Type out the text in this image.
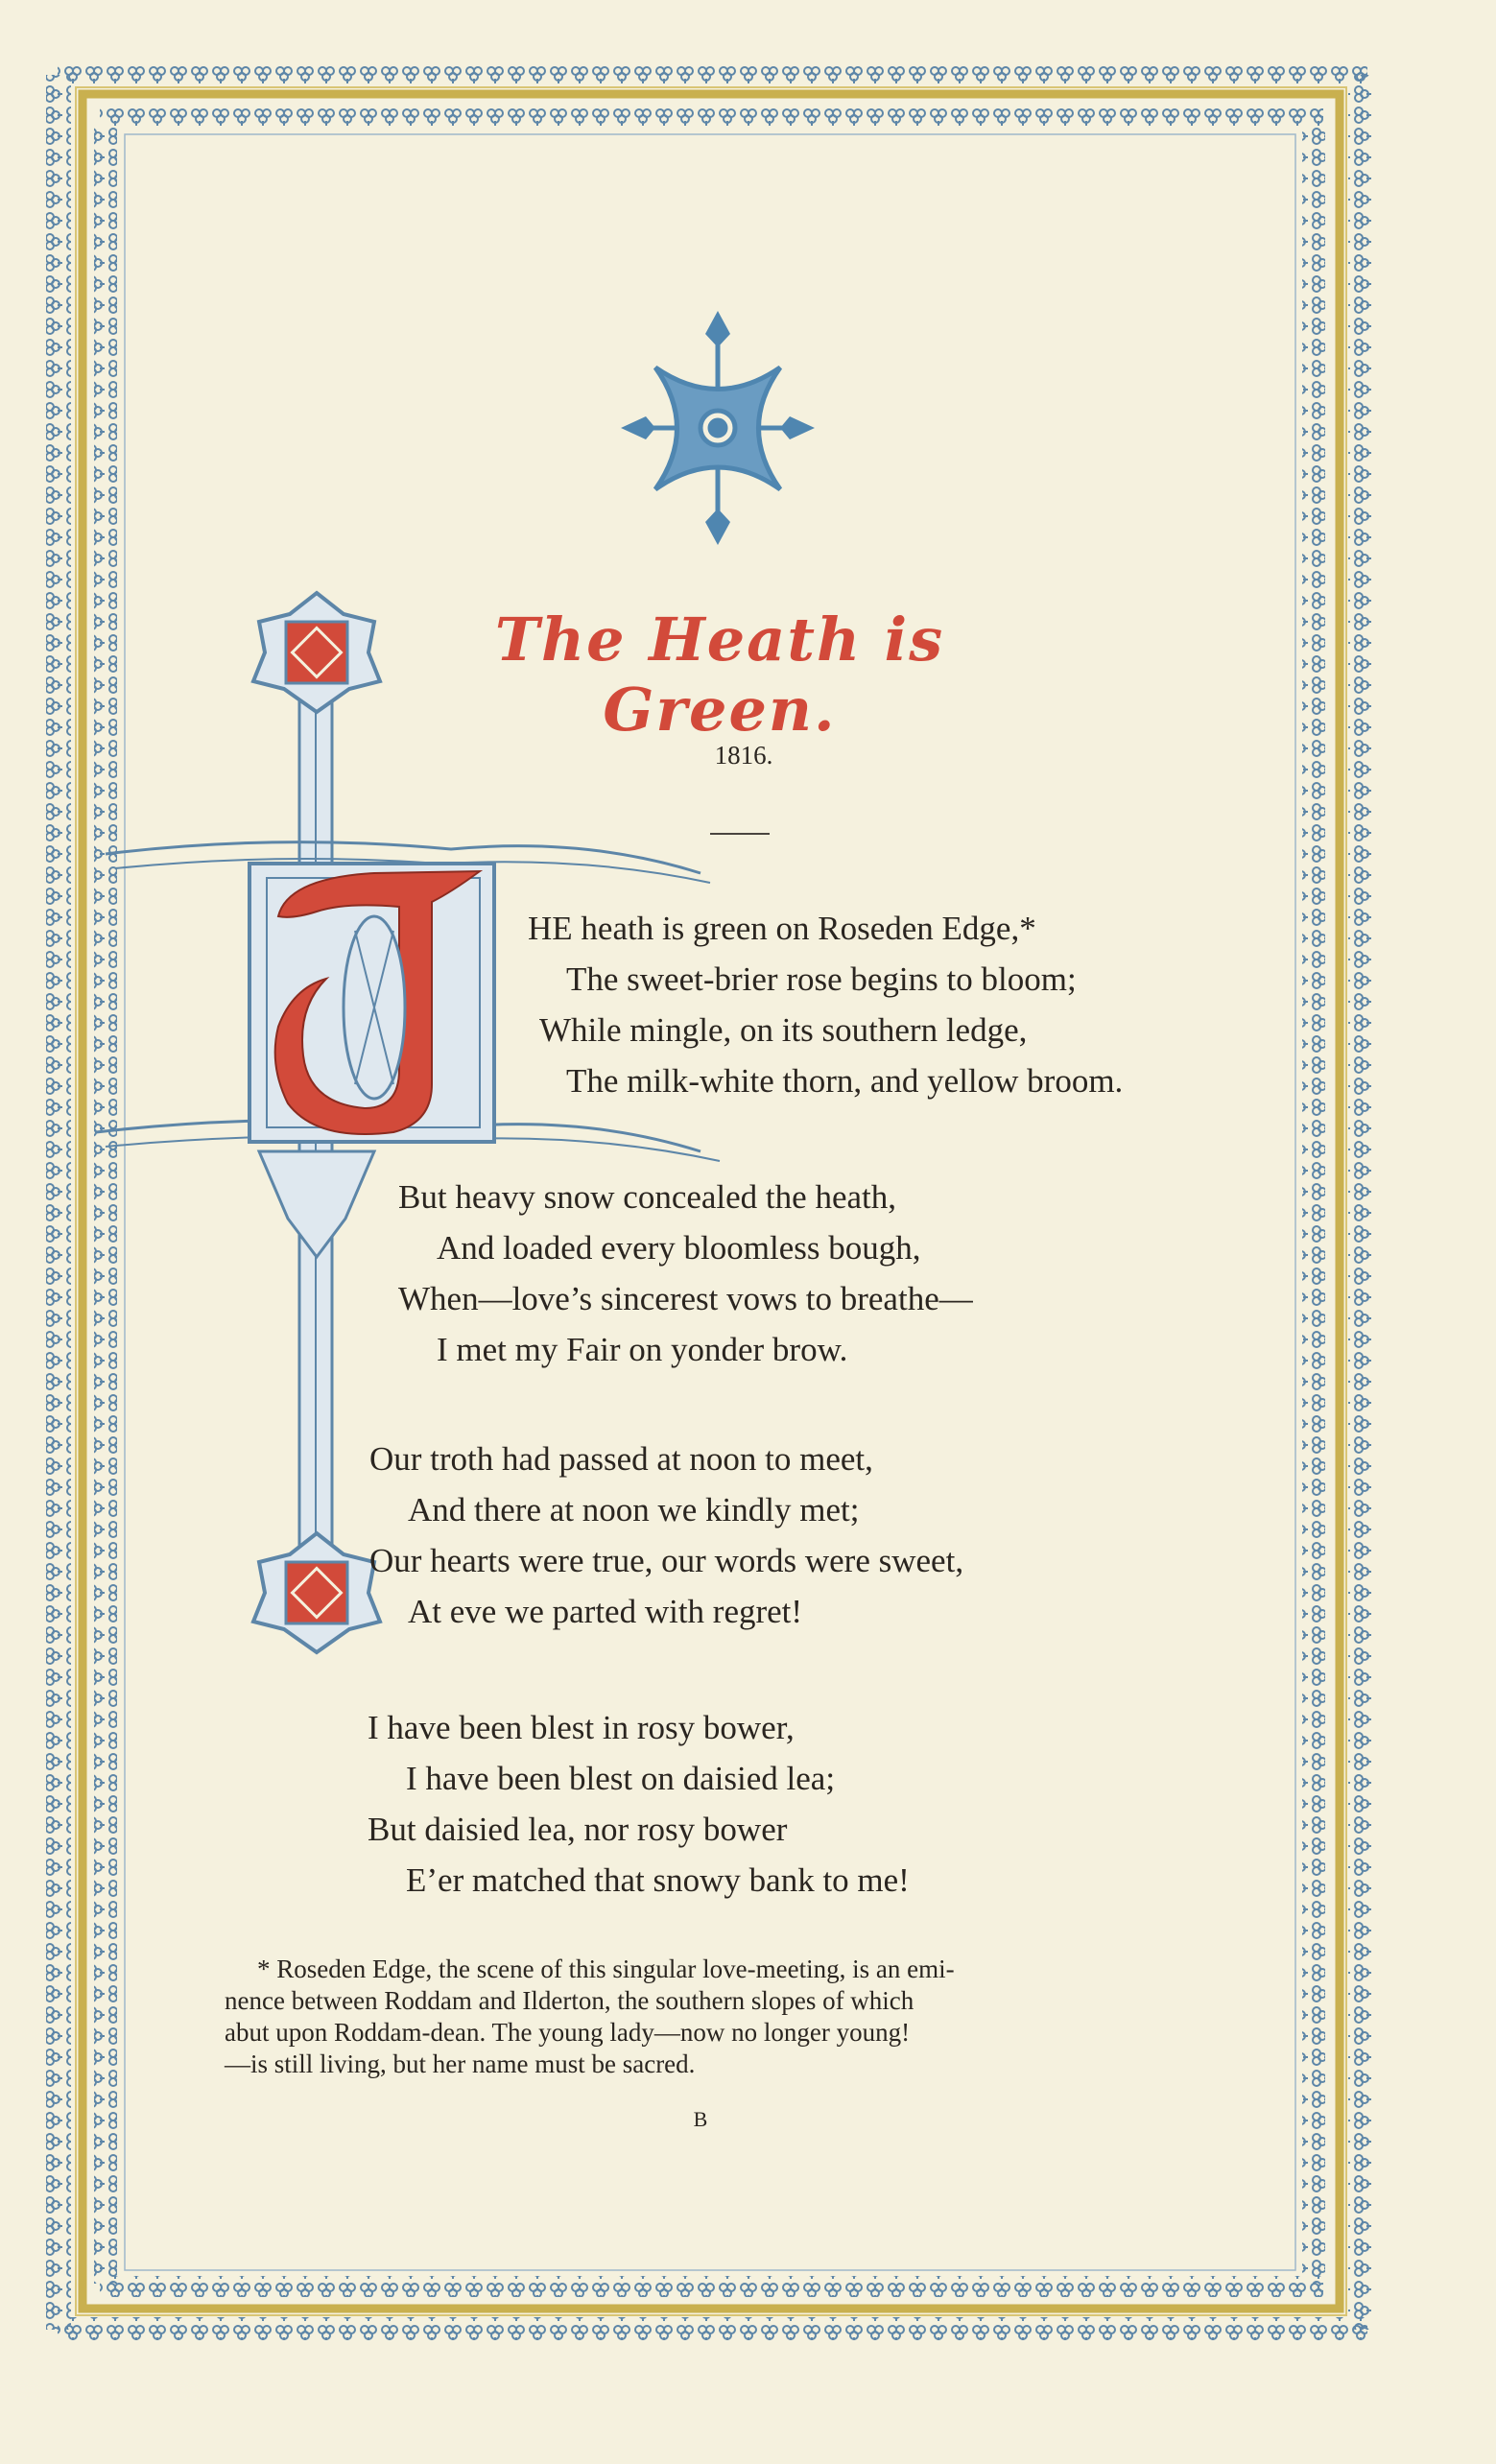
The Heath is Green.
1816.
HE heath is green on Roseden Edge,*
The sweet-brier rose begins to bloom;
While mingle, on its southern ledge,
The milk-white thorn, and yellow broom.
But heavy snow concealed the heath,
And loaded every bloomless bough,
When—love’s sincerest vows to breathe—
I met my Fair on yonder brow.
Our troth had passed at noon to meet,
And there at noon we kindly met;
Our hearts were true, our words were sweet,
At eve we parted with regret!
I have been blest in rosy bower,
I have been blest on daisied lea;
But daisied lea, nor rosy bower
E’er matched that snowy bank to me!
* Roseden Edge, the scene of this singular love-meeting, is an emi-
nence between Roddam and Ilderton, the southern slopes of which
abut upon Roddam-dean. The young lady—now no longer young!
—is still living, but her name must be sacred.
B
